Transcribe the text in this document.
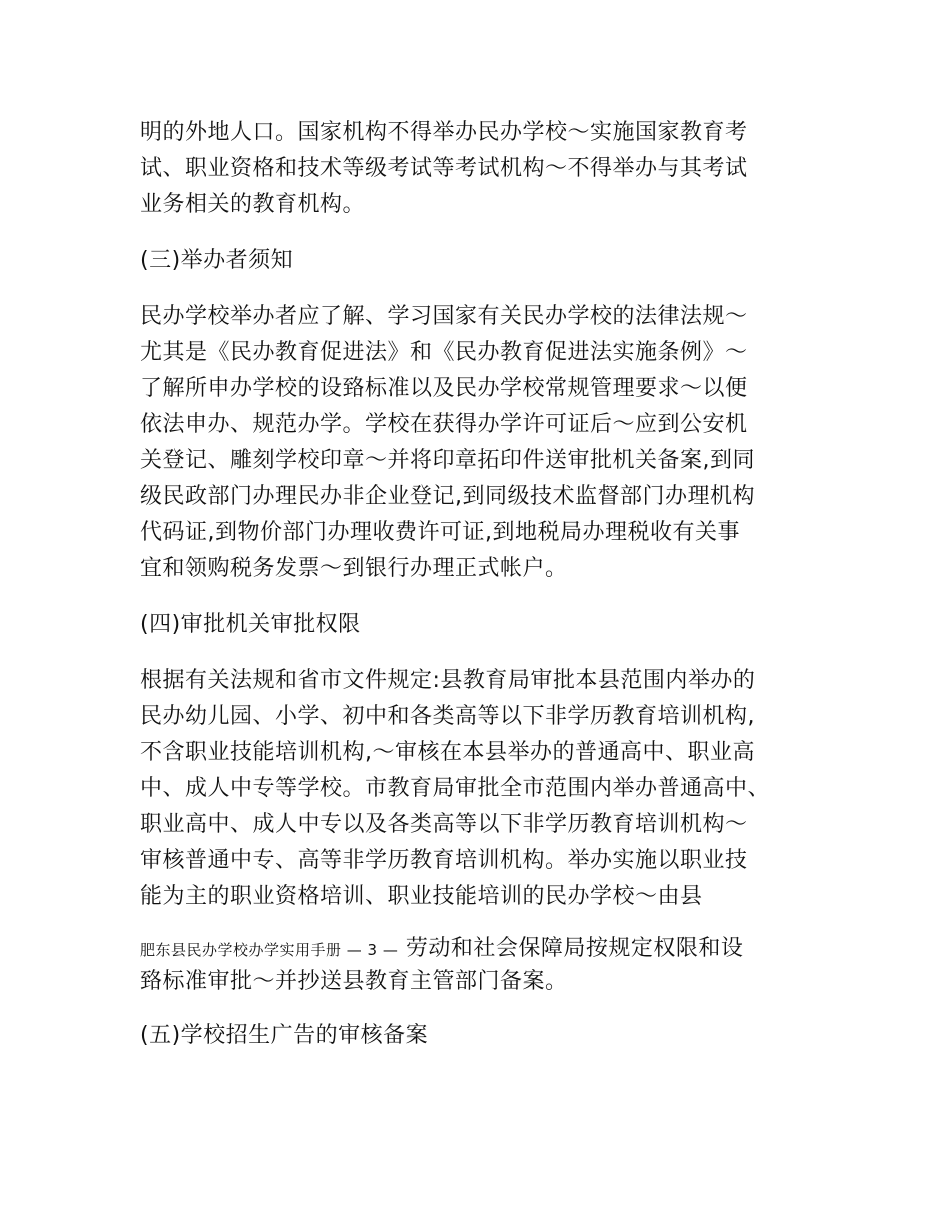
明的外地人口。国家机构不得举办民办学校～实施国家教育考
试、职业资格和技术等级考试等考试机构～不得举办与其考试
业务相关的教育机构。

(三)举办者须知

民办学校举办者应了解、学习国家有关民办学校的法律法规～
尤其是《民办教育促进法》和《民办教育促进法实施条例》～
了解所申办学校的设臵标准以及民办学校常规管理要求～以便
依法申办、规范办学。学校在获得办学许可证后～应到公安机
关登记、雕刻学校印章～并将印章拓印件送审批机关备案,到同
级民政部门办理民办非企业登记,到同级技术监督部门办理机构
代码证,到物价部门办理收费许可证,到地税局办理税收有关事
宜和领购税务发票～到银行办理正式帐户。

(四)审批机关审批权限

根据有关法规和省市文件规定:县教育局审批本县范围内举办的
民办幼儿园、小学、初中和各类高等以下非学历教育培训机构,
不含职业技能培训机构,～审核在本县举办的普通高中、职业高
中、成人中专等学校。市教育局审批全市范围内举办普通高中、
职业高中、成人中专以及各类高等以下非学历教育培训机构～
审核普通中专、高等非学历教育培训机构。举办实施以职业技
能为主的职业资格培训、职业技能培训的民办学校～由县

肥东县民办学校办学实用手册 — 3 — 劳动和社会保障局按规定权限和设
臵标准审批～并抄送县教育主管部门备案。

(五)学校招生广告的审核备案
